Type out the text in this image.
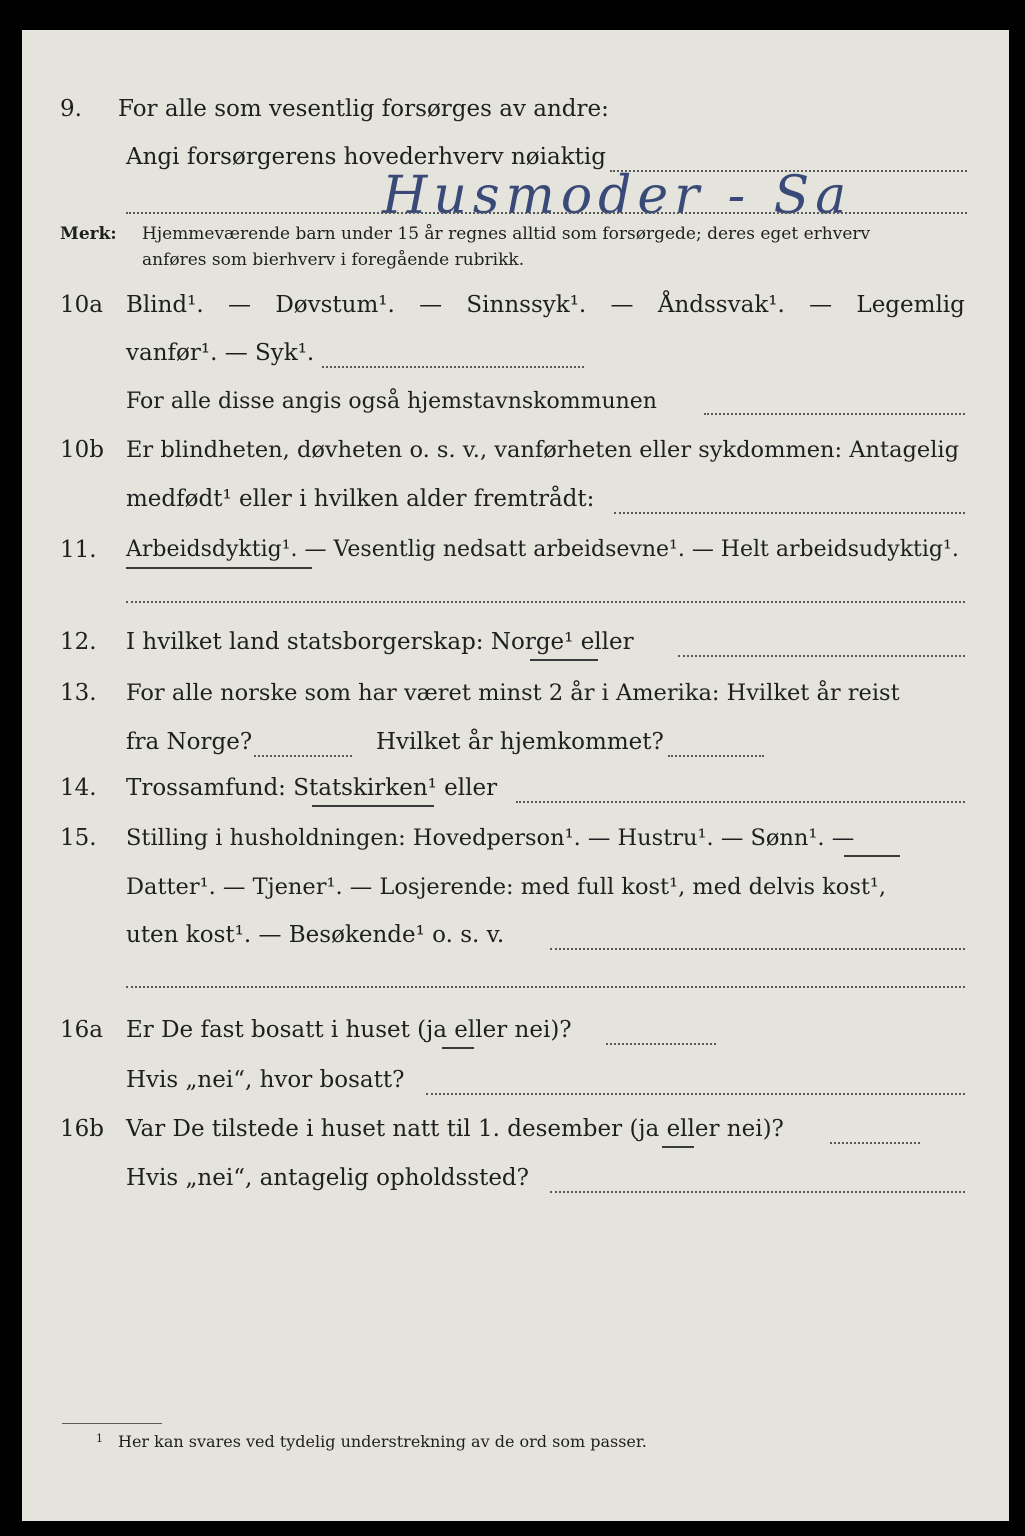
9. For alle som vesentlig forsørges av andre:
Angi forsørgerens hovederhverv nøiaktig
Husmoder - Sa
Merk: Hjemmeværende barn under 15 år regnes alltid som forsørgede; deres eget erhverv
anføres som bierhverv i foregående rubrikk.
10a Blind¹. — Døvstum¹. — Sinnssyk¹. — Åndssvak¹. — Legemlig
vanfør¹. — Syk¹.
For alle disse angis også hjemstavnskommunen
10b Er blindheten, døvheten o. s. v., vanførheten eller sykdommen: Antagelig
medfødt¹ eller i hvilken alder fremtrådt:
11. Arbeidsdyktig¹. — Vesentlig nedsatt arbeidsevne¹. — Helt arbeidsudyktig¹.
12. I hvilket land statsborgerskap: Norge¹ eller
13. For alle norske som har været minst 2 år i Amerika: Hvilket år reist
fra Norge?	Hvilket år hjemkommet?
14. Trossamfund: Statskirken¹ eller
15. Stilling i husholdningen: Hovedperson¹. — Hustru¹. — Sønn¹. —
Datter¹. — Tjener¹. — Losjerende: med full kost¹, med delvis kost¹,
uten kost¹. — Besøkende¹ o. s. v.
16a Er De fast bosatt i huset (ja eller nei)?
Hvis „nei“, hvor bosatt?
16b Var De tilstede i huset natt til 1. desember (ja eller nei)?
Hvis „nei“, antagelig opholdssted?
1 Her kan svares ved tydelig understrekning av de ord som passer.
